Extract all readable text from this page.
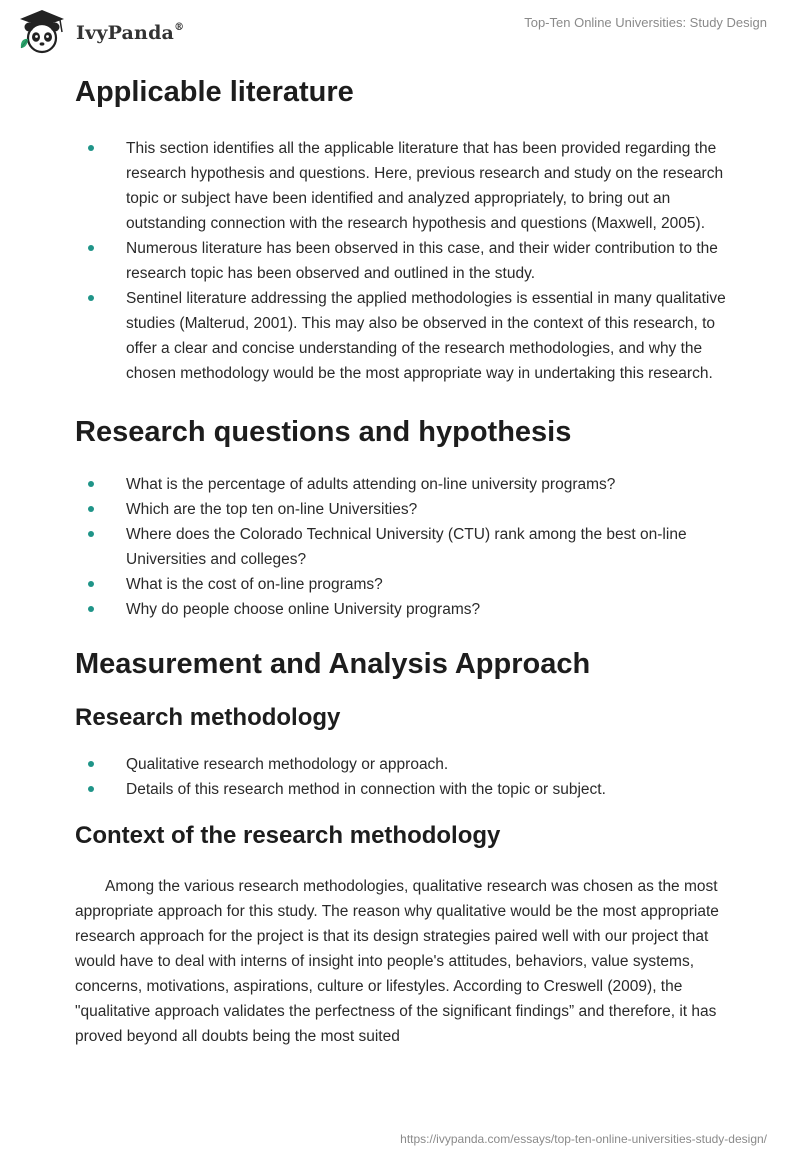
IvyPanda®	Top-Ten Online Universities: Study Design
Applicable literature
This section identifies all the applicable literature that has been provided regarding the research hypothesis and questions. Here, previous research and study on the research topic or subject have been identified and analyzed appropriately, to bring out an outstanding connection with the research hypothesis and questions (Maxwell, 2005).
Numerous literature has been observed in this case, and their wider contribution to the research topic has been observed and outlined in the study.
Sentinel literature addressing the applied methodologies is essential in many qualitative studies (Malterud, 2001). This may also be observed in the context of this research, to offer a clear and concise understanding of the research methodologies, and why the chosen methodology would be the most appropriate way in undertaking this research.
Research questions and hypothesis
What is the percentage of adults attending on-line university programs?
Which are the top ten on-line Universities?
Where does the Colorado Technical University (CTU) rank among the best on-line Universities and colleges?
What is the cost of on-line programs?
Why do people choose online University programs?
Measurement and Analysis Approach
Research methodology
Qualitative research methodology or approach.
Details of this research method in connection with the topic or subject.
Context of the research methodology

Among the various research methodologies, qualitative research was chosen as the most appropriate approach for this study. The reason why qualitative would be the most appropriate research approach for the project is that its design strategies paired well with our project that would have to deal with interns of insight into people's attitudes, behaviors, value systems, concerns, motivations, aspirations, culture or lifestyles. According to Creswell (2009), the "qualitative approach validates the perfectness of the significant findings” and therefore, it has proved beyond all doubts being the most suited

https://ivypanda.com/essays/top-ten-online-universities-study-design/
